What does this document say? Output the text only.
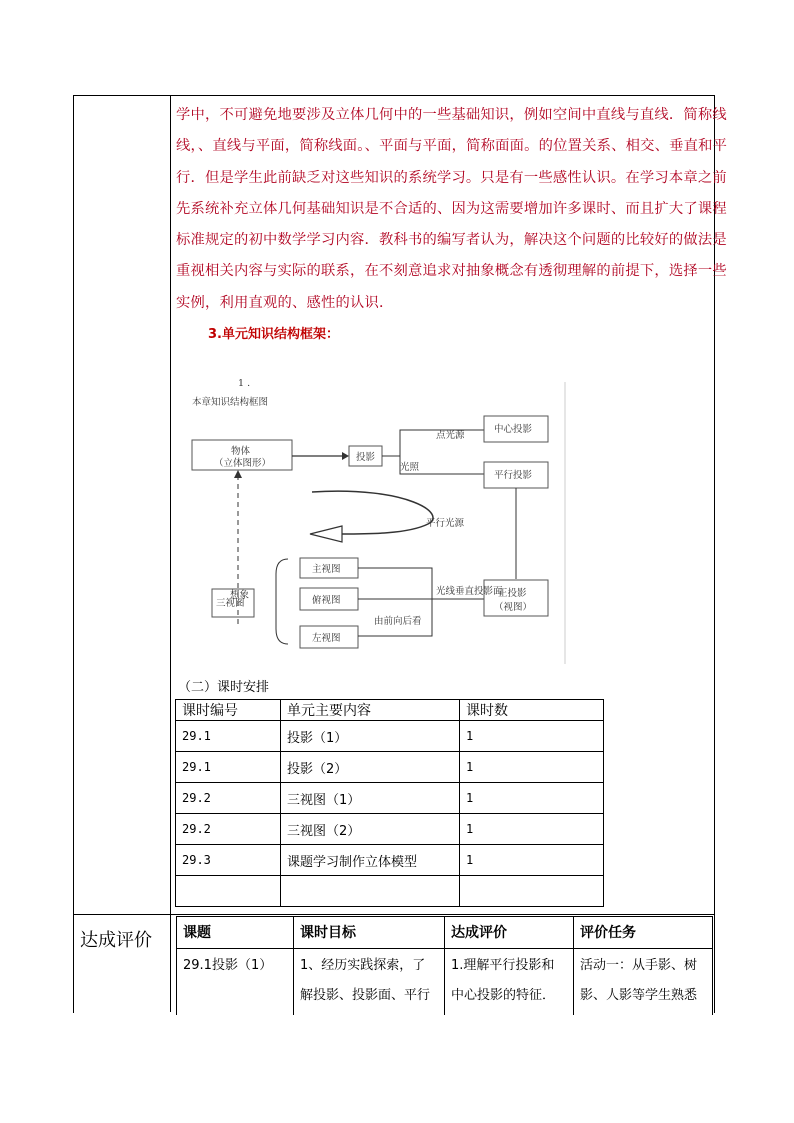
学中，不可避免地要涉及立体几何中的一些基础知识，例如空间中直线与直线．简称线
线，、直线与平面，简称线面。、平面与平面，简称面面。的位置关系、相交、垂直和平
行．但是学生此前缺乏对这些知识的系统学习。只是有一些感性认识。在学习本章之前
先系统补充立体几何基础知识是不合适的、因为这需要增加许多课时、而且扩大了课程
标准规定的初中数学学习内容．教科书的编写者认为，解决这个问题的比较好的做法是
重视相关内容与实际的联系，在不刻意追求对抽象概念有透彻理解的前提下，选择一些
实例，利用直观的、感性的认识．
3.单元知识结构框架：
1 .
本章知识结构框图
物体
（立体图形）
投影
点光源
光照
中心投影
平行投影
平行光源
三视图
想象
主视图
俯视图
左视图
光线垂直投影面
由前向后看
正投影
（视图）
（二）课时安排
课时编号	单元主要内容	课时数
29.1	投影（1）	1
29.1	投影（2）	1
29.2	三视图（1）	1
29.2	三视图（2）	1
29.3	课题学习制作立体模型	1

达成评价 课题	课时目标	达成评价	评价任务
29.1投影（1）	1、经历实践探索，了解投影、投影面、平行	1.理解平行投影和中心投影的特征．	活动一：从手影、树影、人影等学生熟悉
